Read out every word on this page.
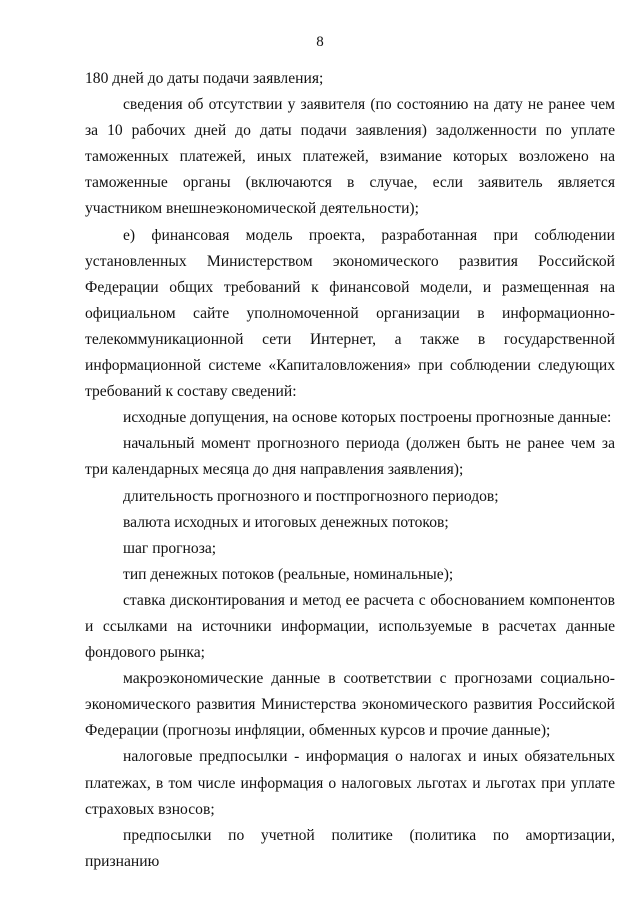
8

180 дней до даты подачи заявления;

сведения об отсутствии у заявителя (по состоянию на дату не ранее чем за 10 рабочих дней до даты подачи заявления) задолженности по уплате таможенных платежей, иных платежей, взимание которых возложено на таможенные органы (включаются в случае, если заявитель является участником внешнеэкономической деятельности);

е) финансовая модель проекта, разработанная при соблюдении установленных Министерством экономического развития Российской Федерации общих требований к финансовой модели, и размещенная на официальном сайте уполномоченной организации в информационно-телекоммуникационной сети Интернет, а также в государственной информационной системе «Капиталовложения» при соблюдении следующих требований к составу сведений:

исходные допущения, на основе которых построены прогнозные данные:

начальный момент прогнозного периода (должен быть не ранее чем за три календарных месяца до дня направления заявления);

длительность прогнозного и постпрогнозного периодов;

валюта исходных и итоговых денежных потоков;

шаг прогноза;

тип денежных потоков (реальные, номинальные);

ставка дисконтирования и метод ее расчета с обоснованием компонентов и ссылками на источники информации, используемые в расчетах данные фондового рынка;

макроэкономические данные в соответствии с прогнозами социально-экономического развития Министерства экономического развития Российской Федерации (прогнозы инфляции, обменных курсов и прочие данные);

налоговые предпосылки - информация о налогах и иных обязательных платежах, в том числе информация о налоговых льготах и льготах при уплате страховых взносов;

предпосылки по учетной политике (политика по амортизации, признанию
